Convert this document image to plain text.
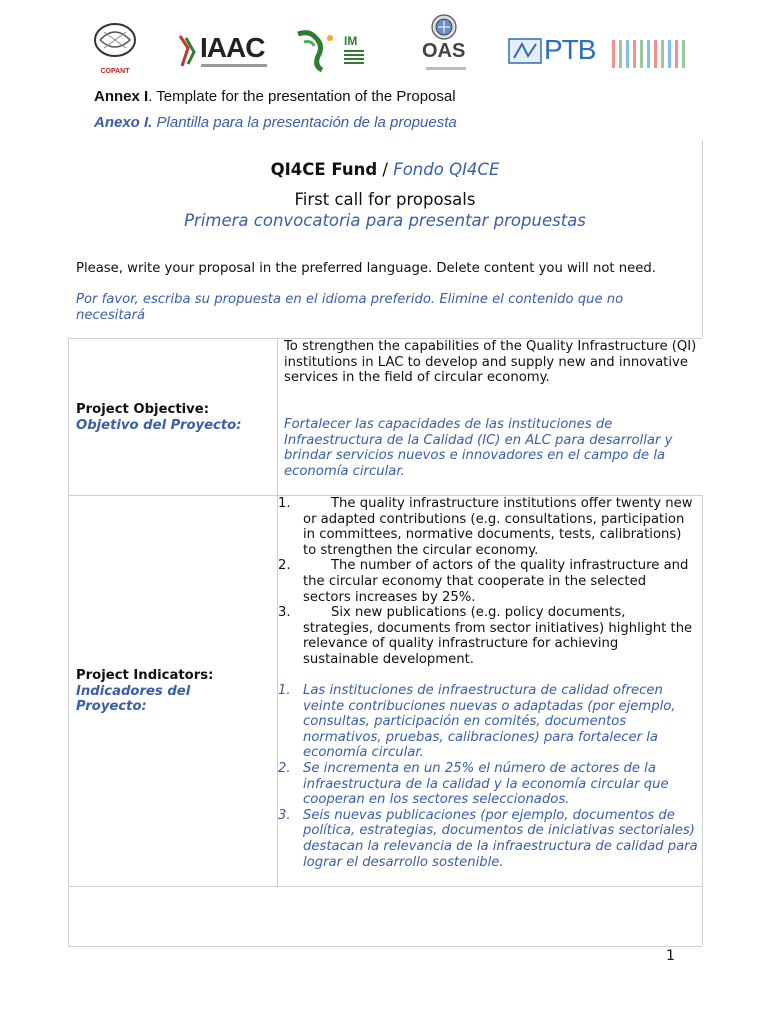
COPANT
IAAC	IM	OAS	PTB
Annex I. Template for the presentation of the Proposal
Anexo I. Plantilla para la presentación de la propuesta
QI4CE Fund / Fondo QI4CE
First call for proposals
Primera convocatoria para presentar propuestas
Please, write your proposal in the preferred language. Delete content you will not need.
Por favor, escriba su propuesta en el idioma preferido. Elimine el contenido que no necesitará
Project Objective:
Objetivo del Proyecto:
To strengthen the capabilities of the Quality Infrastructure (QI) institutions in LAC to develop and supply new and innovative services in the field of circular economy.
Fortalecer las capacidades de las instituciones de Infraestructura de la Calidad (IC) en ALC para desarrollar y brindar servicios nuevos e innovadores en el campo de la economía circular.
Project Indicators:
Indicadores del Proyecto:
1.	The quality infrastructure institutions offer twenty new or adapted contributions (e.g. consultations, participation in committees, normative documents, tests, calibrations) to strengthen the circular economy.
2.	The number of actors of the quality infrastructure and the circular economy that cooperate in the selected sectors increases by 25%.
3.	Six new publications (e.g. policy documents, strategies, documents from sector initiatives) highlight the relevance of quality infrastructure for achieving sustainable development.
1. Las instituciones de infraestructura de calidad ofrecen veinte contribuciones nuevas o adaptadas (por ejemplo, consultas, participación en comités, documentos normativos, pruebas, calibraciones) para fortalecer la economía circular.
2. Se incrementa en un 25% el número de actores de la infraestructura de la calidad y la economía circular que cooperan en los sectores seleccionados.
3. Seis nuevas publicaciones (por ejemplo, documentos de política, estrategias, documentos de iniciativas sectoriales) destacan la relevancia de la infraestructura de calidad para lograr el desarrollo sostenible.
1
